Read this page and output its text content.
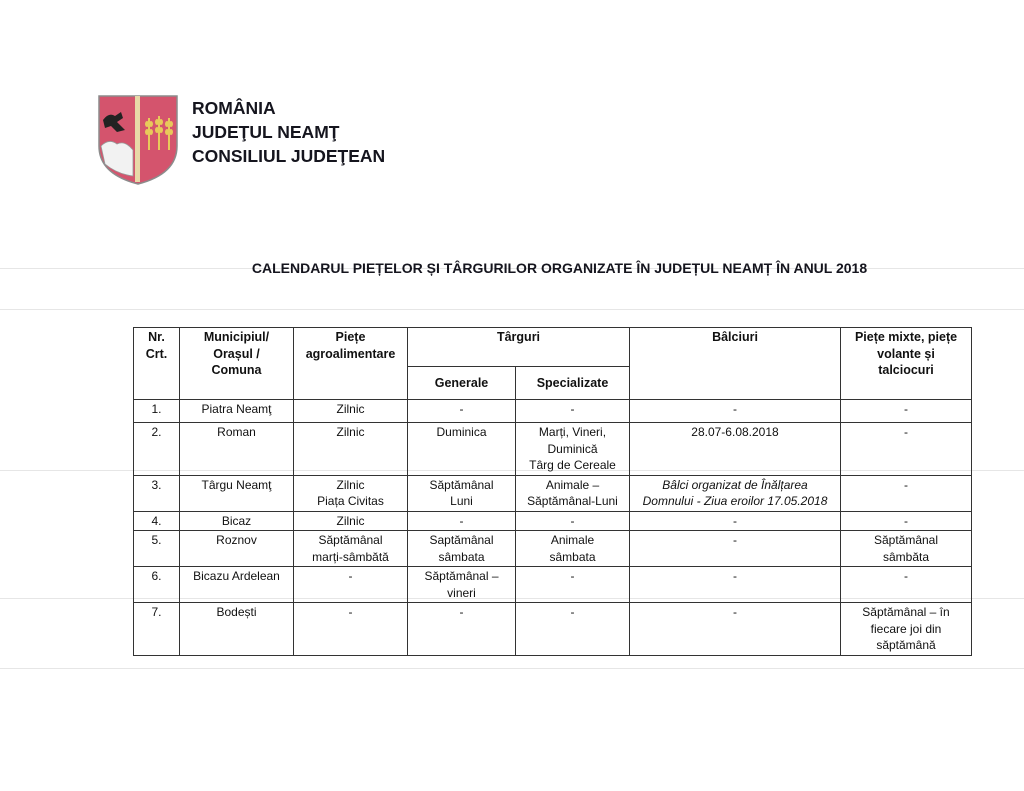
ROMÂNIA
JUDEŢUL NEAMŢ
CONSILIUL JUDEŢEAN
CALENDARUL PIEȚELOR ȘI TÂRGURILOR ORGANIZATE ÎN JUDEȚUL NEAMȚ ÎN ANUL 2018
Nr.
Crt.	Municipiul/
Orașul /
Comuna	Piețe
agroalimentare	Târguri		Bâlciuri	Piețe mixte, piețe
volante și
talciocuri

			Generale	Specializate		

1.	Piatra Neamţ	Zilnic	-	-	-	-

2.	Roman	Zilnic	Duminica	Marți, Vineri,
Duminică
Târg de Cereale	28.07-6.08.2018	-

3.	Târgu Neamţ	Zilnic
Piața Civitas	Săptămânal
Luni	Animale –
Săptămânal-Luni	Bâlci organizat de Înălțarea
Domnului - Ziua eroilor 17.05.2018	-

4.	Bicaz	Zilnic	-	-	-	-

5.	Roznov	Săptămânal
marți-sâmbătă	Saptămânal
sâmbata	Animale
sâmbata	-	Săptămânal
sâmbăta

6.	Bicazu Ardelean	-	Săptămânal –
vineri	-	-	-

7.	Bodești	-	-	-	-	Săptămânal – în
fiecare joi din
săptămână
